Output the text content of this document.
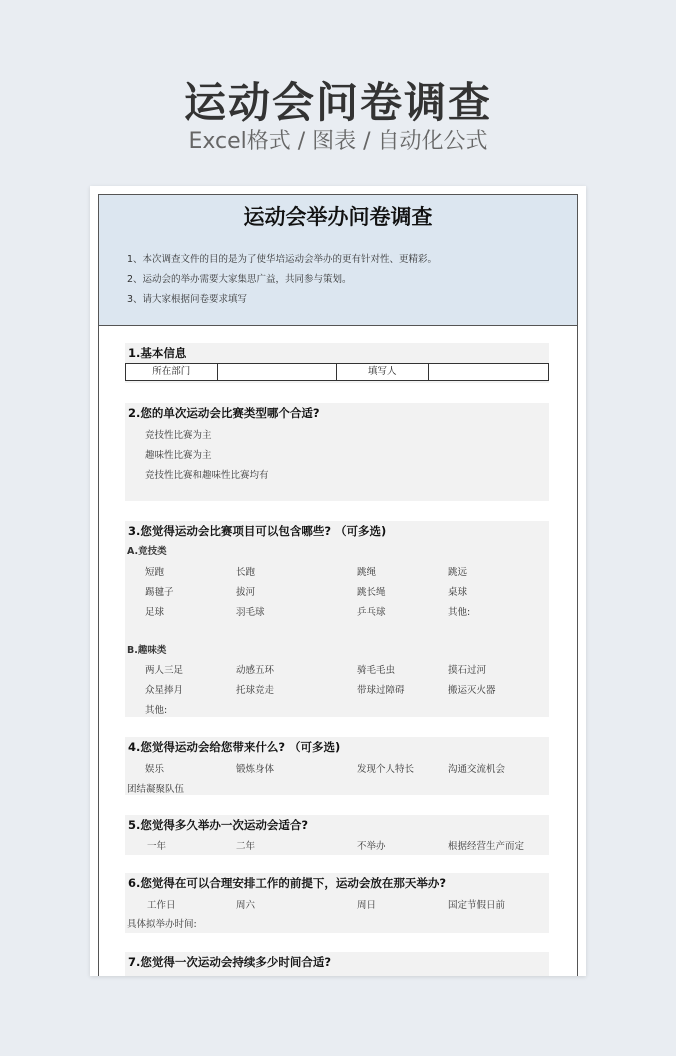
运动会问卷调查
Excel格式 / 图表 / 自动化公式
运动会举办问卷调查
1、本次调查文件的目的是为了使华培运动会举办的更有针对性、更精彩。
2、运动会的举办需要大家集思广益，共同参与策划。
3、请大家根据问卷要求填写
1.基本信息
所在部门	填写人
2.您的单次运动会比赛类型哪个合适?
竞技性比赛为主
趣味性比赛为主
竞技性比赛和趣味性比赛均有
3.您觉得运动会比赛项目可以包含哪些? （可多选)
A.竞技类
短跑	长跑	跳绳	跳远
踢毽子	拔河	跳长绳	桌球
足球	羽毛球	乒乓球	其他:
B.趣味类
两人三足	动感五环	骑毛毛虫	摸石过河
众星捧月	托球竞走	带球过障碍	搬运灭火器
其他:
4.您觉得运动会给您带来什么? （可多选)
娱乐	锻炼身体	发现个人特长	沟通交流机会
团结凝聚队伍
5.您觉得多久举办一次运动会适合?
一年	二年	不举办	根据经营生产而定
6.您觉得在可以合理安排工作的前提下，运动会放在那天举办?
工作日	周六	周日	国定节假日前
具体拟举办时间:
7.您觉得一次运动会持续多少时间合适?
